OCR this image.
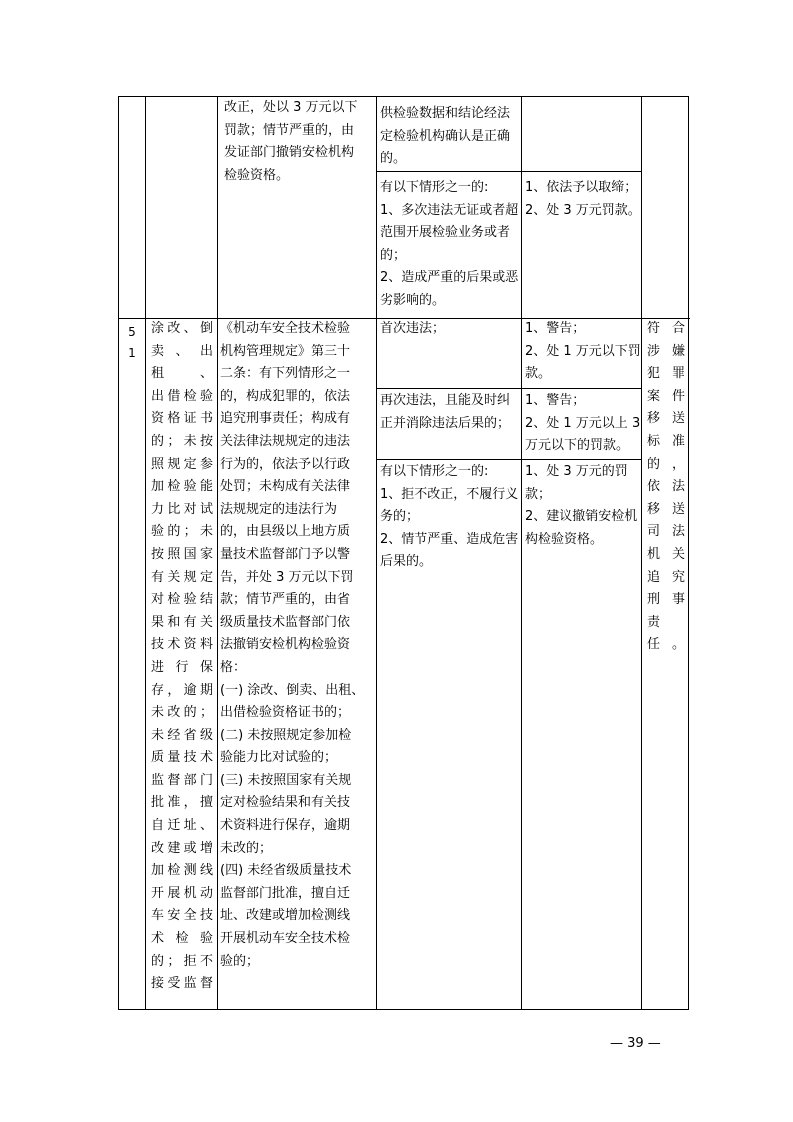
改正，处以 3 万元以下
罚款；情节严重的，由
发证部门撤销安检机构
检验资格。
供检验数据和结论经法
定检验机构确认是正确
的。
有以下情形之一的:
1、多次违法无证或者超
范围开展检验业务或者
的；
2、造成严重的后果或恶
劣影响的。
1、依法予以取缔；
2、处 3 万元罚款。
5
1
涂改、倒
卖、出租、
出借检验
资格证书
的；未按
照规定参
加检验能
力比对试
验的；未
按照国家
有关规定
对检验结
果和有关
技术资料
进 行 保
存，逾期
未改的；
未经省级
质量技术
监督部门
批准，擅
自迁址、
改建或增
加检测线
开展机动
车安全技
术 检 验
的；拒不
接受监督
《机动车安全技术检验
机构管理规定》第三十
二条：有下列情形之一
的，构成犯罪的，依法
追究刑事责任；构成有
关法律法规规定的违法
行为的，依法予以行政
处罚；未构成有关法律
法规规定的违法行为
的，由县级以上地方质
量技术监督部门予以警
告，并处 3 万元以下罚
款；情节严重的，由省
级质量技术监督部门依
法撤销安检机构检验资
格：
(一) 涂改、倒卖、出租、
出借检验资格证书的；
(二) 未按照规定参加检
验能力比对试验的；
(三) 未按照国家有关规
定对检验结果和有关技
术资料进行保存，逾期
未改的；
(四) 未经省级质量技术
监督部门批准，擅自迁
址、改建或增加检测线
开展机动车安全技术检
验的；
首次违法；	1、警告；
2、处 1 万元以下罚
款。
再次违法，且能及时纠
正并消除违法后果的；
1、警告；
2、处 1 万元以上 3
万元以下的罚款。
有以下情形之一的:
1、拒不改正，不履行义
务的；
2、情节严重、造成危害
后果的。
1、处 3 万元的罚
款；
2、建议撤销安检机
构检验资格。
符 合
涉 嫌
犯 罪
案 件
移 送
标 准
的 ，
依 法
移 送
司 法
机 关
追 究
刑 事
责
任。
— 39 —
